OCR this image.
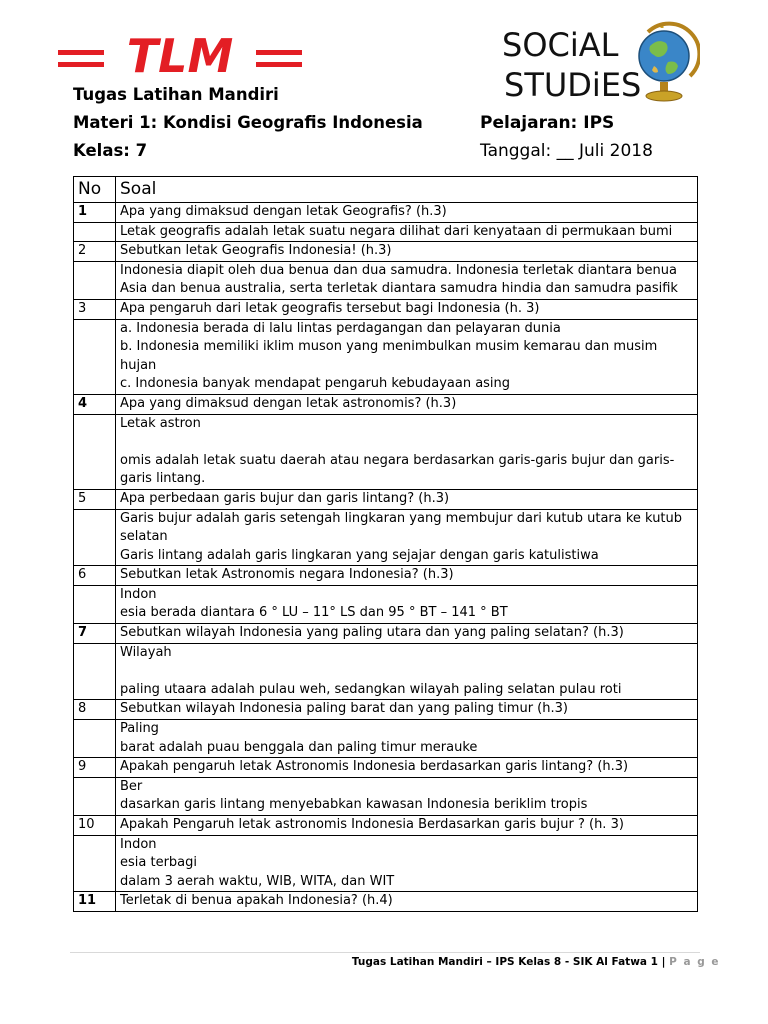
TLM	SOCiAL
STUDiES
Tugas Latihan Mandiri
Materi 1: Kondisi Geografis Indonesia
Kelas: 7
Pelajaran: IPS
Tanggal: __ Juli 2018
No	Soal
1	Apa yang dimaksud dengan letak Geografis? (h.3)
	Letak geografis adalah letak suatu negara dilihat dari kenyataan di permukaan bumi
2	Sebutkan letak Geografis Indonesia! (h.3)
	Indonesia diapit oleh dua benua dan dua samudra. Indonesia terletak diantara benua Asia dan benua australia, serta terletak diantara samudra hindia dan samudra pasifik
3	Apa pengaruh dari letak geografis tersebut bagi Indonesia (h. 3)
	a. Indonesia berada di lalu lintas perdagangan dan pelayaran dunia
b. Indonesia memiliki iklim muson yang menimbulkan musim kemarau dan musim hujan
c. Indonesia banyak mendapat pengaruh kebudayaan asing
4	Apa yang dimaksud dengan letak astronomis? (h.3)
	Letak astron

omis adalah letak suatu daerah atau negara berdasarkan garis-garis bujur dan garis-garis lintang.
5	Apa perbedaan garis bujur dan garis lintang? (h.3)
	Garis bujur adalah garis setengah lingkaran yang membujur dari kutub utara ke kutub selatan
Garis lintang adalah garis lingkaran yang sejajar dengan garis katulistiwa
6	Sebutkan letak Astronomis negara Indonesia? (h.3)
	Indon
esia berada diantara 6 ° LU – 11° LS dan 95 ° BT – 141 ° BT
7	Sebutkan wilayah Indonesia yang paling utara dan yang paling selatan? (h.3)
	Wilayah

paling utaara adalah pulau weh, sedangkan wilayah paling selatan pulau roti
8	Sebutkan wilayah Indonesia paling barat dan yang paling timur (h.3)
	Paling
barat adalah puau benggala dan paling timur merauke
9	Apakah pengaruh letak Astronomis Indonesia berdasarkan garis lintang? (h.3)
	Ber
dasarkan garis lintang menyebabkan kawasan Indonesia beriklim tropis
10	Apakah Pengaruh letak astronomis Indonesia Berdasarkan garis bujur ? (h. 3)
	Indon
esia terbagi
dalam 3 aerah waktu, WIB, WITA, dan WIT
11	Terletak di benua apakah Indonesia? (h.4)
Tugas Latihan Mandiri – IPS Kelas 8 - SIK Al Fatwa 1 | P a g e
